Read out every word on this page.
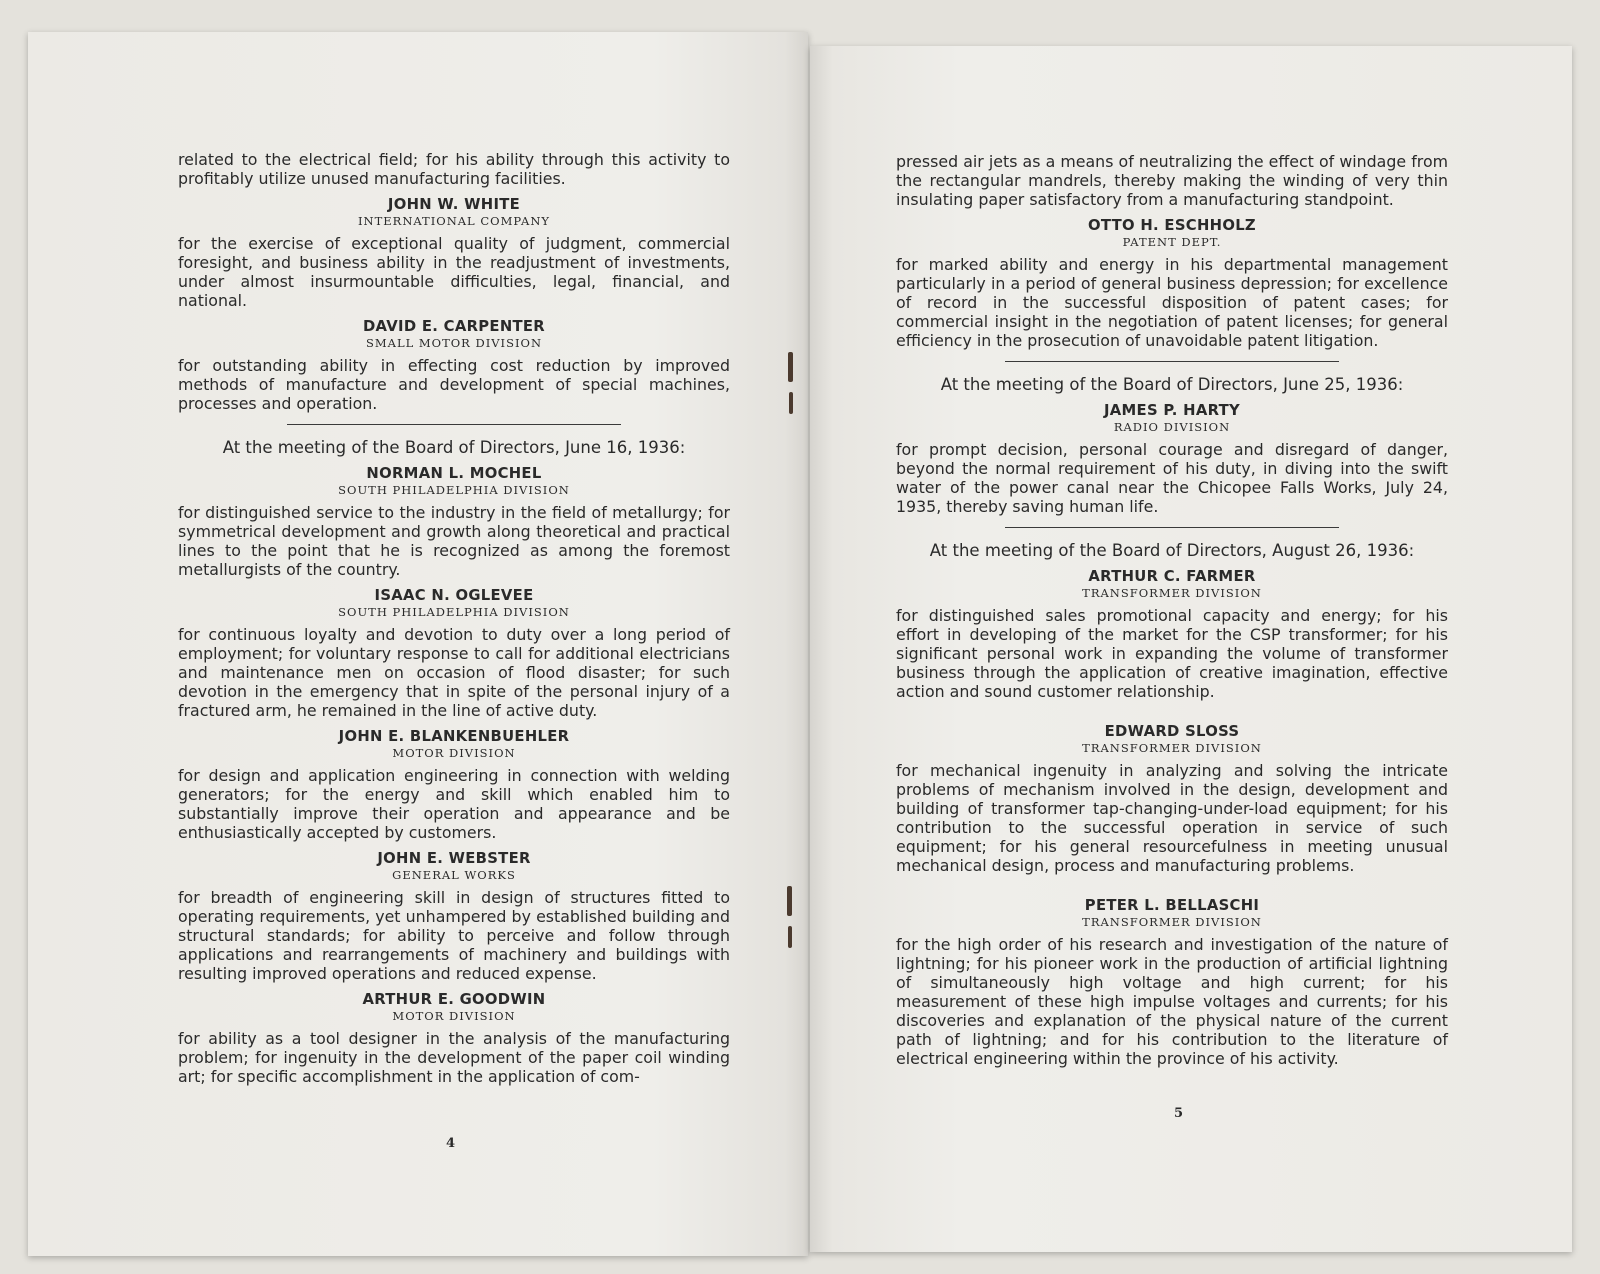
related to the electrical field; for his ability through this activity to profitably utilize unused manufacturing facilities.

JOHN W. WHITE
INTERNATIONAL COMPANY

for the exercise of exceptional quality of judgment, commercial foresight, and business ability in the readjustment of investments, under almost insurmountable difficulties, legal, financial, and national.

DAVID E. CARPENTER
SMALL MOTOR DIVISION

for outstanding ability in effecting cost reduction by improved methods of manufacture and development of special machines, processes and operation.

At the meeting of the Board of Directors, June 16, 1936:
NORMAN L. MOCHEL
SOUTH PHILADELPHIA DIVISION

for distinguished service to the industry in the field of metallurgy; for symmetrical development and growth along theoretical and practical lines to the point that he is recognized as among the foremost metallurgists of the country.

ISAAC N. OGLEVEE
SOUTH PHILADELPHIA DIVISION

for continuous loyalty and devotion to duty over a long period of employment; for voluntary response to call for additional electricians and maintenance men on occasion of flood disaster; for such devotion in the emergency that in spite of the personal injury of a fractured arm, he remained in the line of active duty.

JOHN E. BLANKENBUEHLER
MOTOR DIVISION

for design and application engineering in connection with welding generators; for the energy and skill which enabled him to substantially improve their operation and appearance and be enthusiastically accepted by customers.

JOHN E. WEBSTER
GENERAL WORKS

for breadth of engineering skill in design of structures fitted to operating requirements, yet unhampered by established building and structural standards; for ability to perceive and follow through applications and rearrangements of machinery and buildings with resulting improved operations and reduced expense.

ARTHUR E. GOODWIN
MOTOR DIVISION

for ability as a tool designer in the analysis of the manufacturing problem; for ingenuity in the development of the paper coil winding art; for specific accomplishment in the application of com-

4

pressed air jets as a means of neutralizing the effect of windage from the rectangular mandrels, thereby making the winding of very thin insulating paper satisfactory from a manufacturing standpoint.

OTTO H. ESCHHOLZ
PATENT DEPT.

for marked ability and energy in his departmental management particularly in a period of general business depression; for excellence of record in the successful disposition of patent cases; for commercial insight in the negotiation of patent licenses; for general efficiency in the prosecution of unavoidable patent litigation.

At the meeting of the Board of Directors, June 25, 1936:
JAMES P. HARTY
RADIO DIVISION

for prompt decision, personal courage and disregard of danger, beyond the normal requirement of his duty, in diving into the swift water of the power canal near the Chicopee Falls Works, July 24, 1935, thereby saving human life.

At the meeting of the Board of Directors, August 26, 1936:
ARTHUR C. FARMER
TRANSFORMER DIVISION

for distinguished sales promotional capacity and energy; for his effort in developing of the market for the CSP transformer; for his significant personal work in expanding the volume of transformer business through the application of creative imagination, effective action and sound customer relationship.

EDWARD SLOSS
TRANSFORMER DIVISION

for mechanical ingenuity in analyzing and solving the intricate problems of mechanism involved in the design, development and building of transformer tap-changing-under-load equipment; for his contribution to the successful operation in service of such equipment; for his general resourcefulness in meeting unusual mechanical design, process and manufacturing problems.

PETER L. BELLASCHI
TRANSFORMER DIVISION

for the high order of his research and investigation of the nature of lightning; for his pioneer work in the production of artificial lightning of simultaneously high voltage and high current; for his measurement of these high impulse voltages and currents; for his discoveries and explanation of the physical nature of the current path of lightning; and for his contribution to the literature of electrical engineering within the province of his activity.

5
